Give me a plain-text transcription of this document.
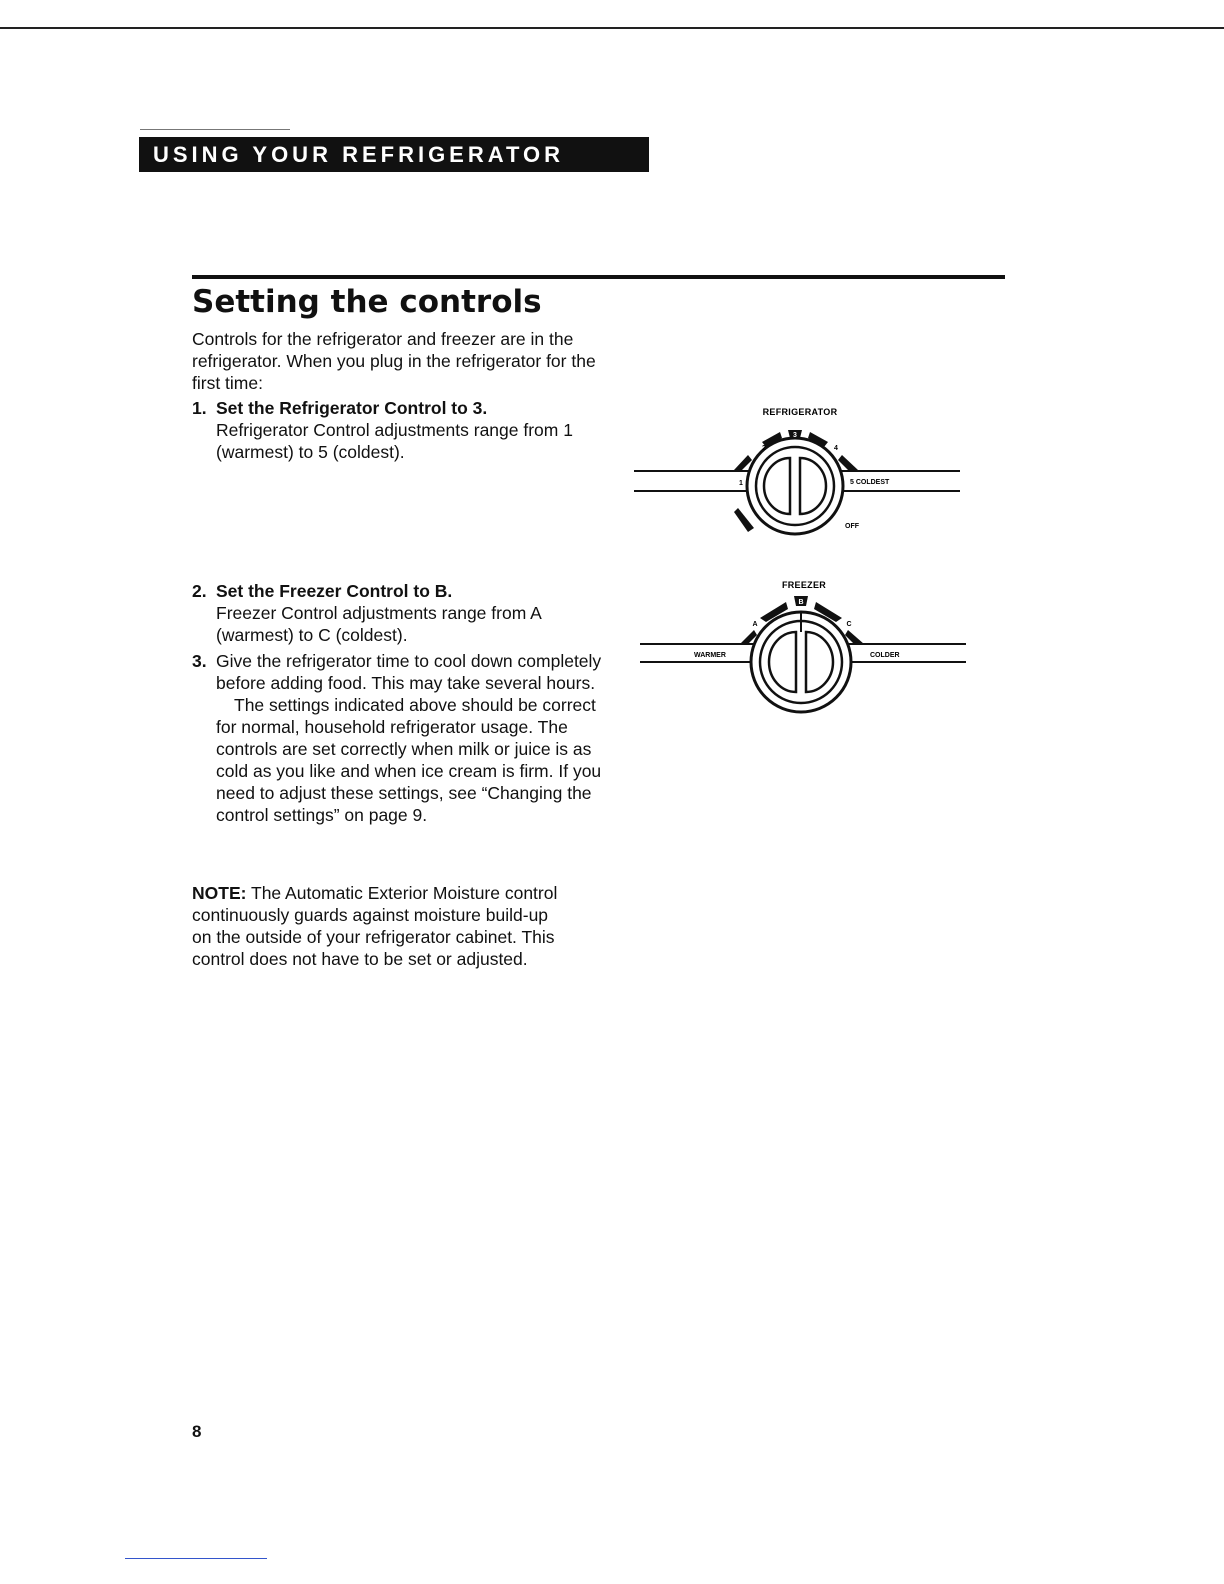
USING YOUR REFRIGERATOR
Setting the controls
Controls for the refrigerator and freezer are in the refrigerator. When you plug in the refrigerator for the first time:
1. Set the Refrigerator Control to 3.
Refrigerator Control adjustments range from 1 (warmest) to 5 (coldest).
2. Set the Freezer Control to B.
Freezer Control adjustments range from A (warmest) to C (coldest).
3. Give the refrigerator time to cool down completely before adding food. This may take several hours.
The settings indicated above should be correct for normal, household refrigerator usage. The controls are set correctly when milk or juice is as cold as you like and when ice cream is firm. If you need to adjust these settings, see “Changing the control settings” on page 9.
NOTE: The Automatic Exterior Moisture control continuously guards against moisture build-up on the outside of your refrigerator cabinet. This control does not have to be set or adjusted.
REFRIGERATOR
1
2
3
4
5 COLDEST
OFF
FREEZER
A
B
C
WARMER	COLDER
8
